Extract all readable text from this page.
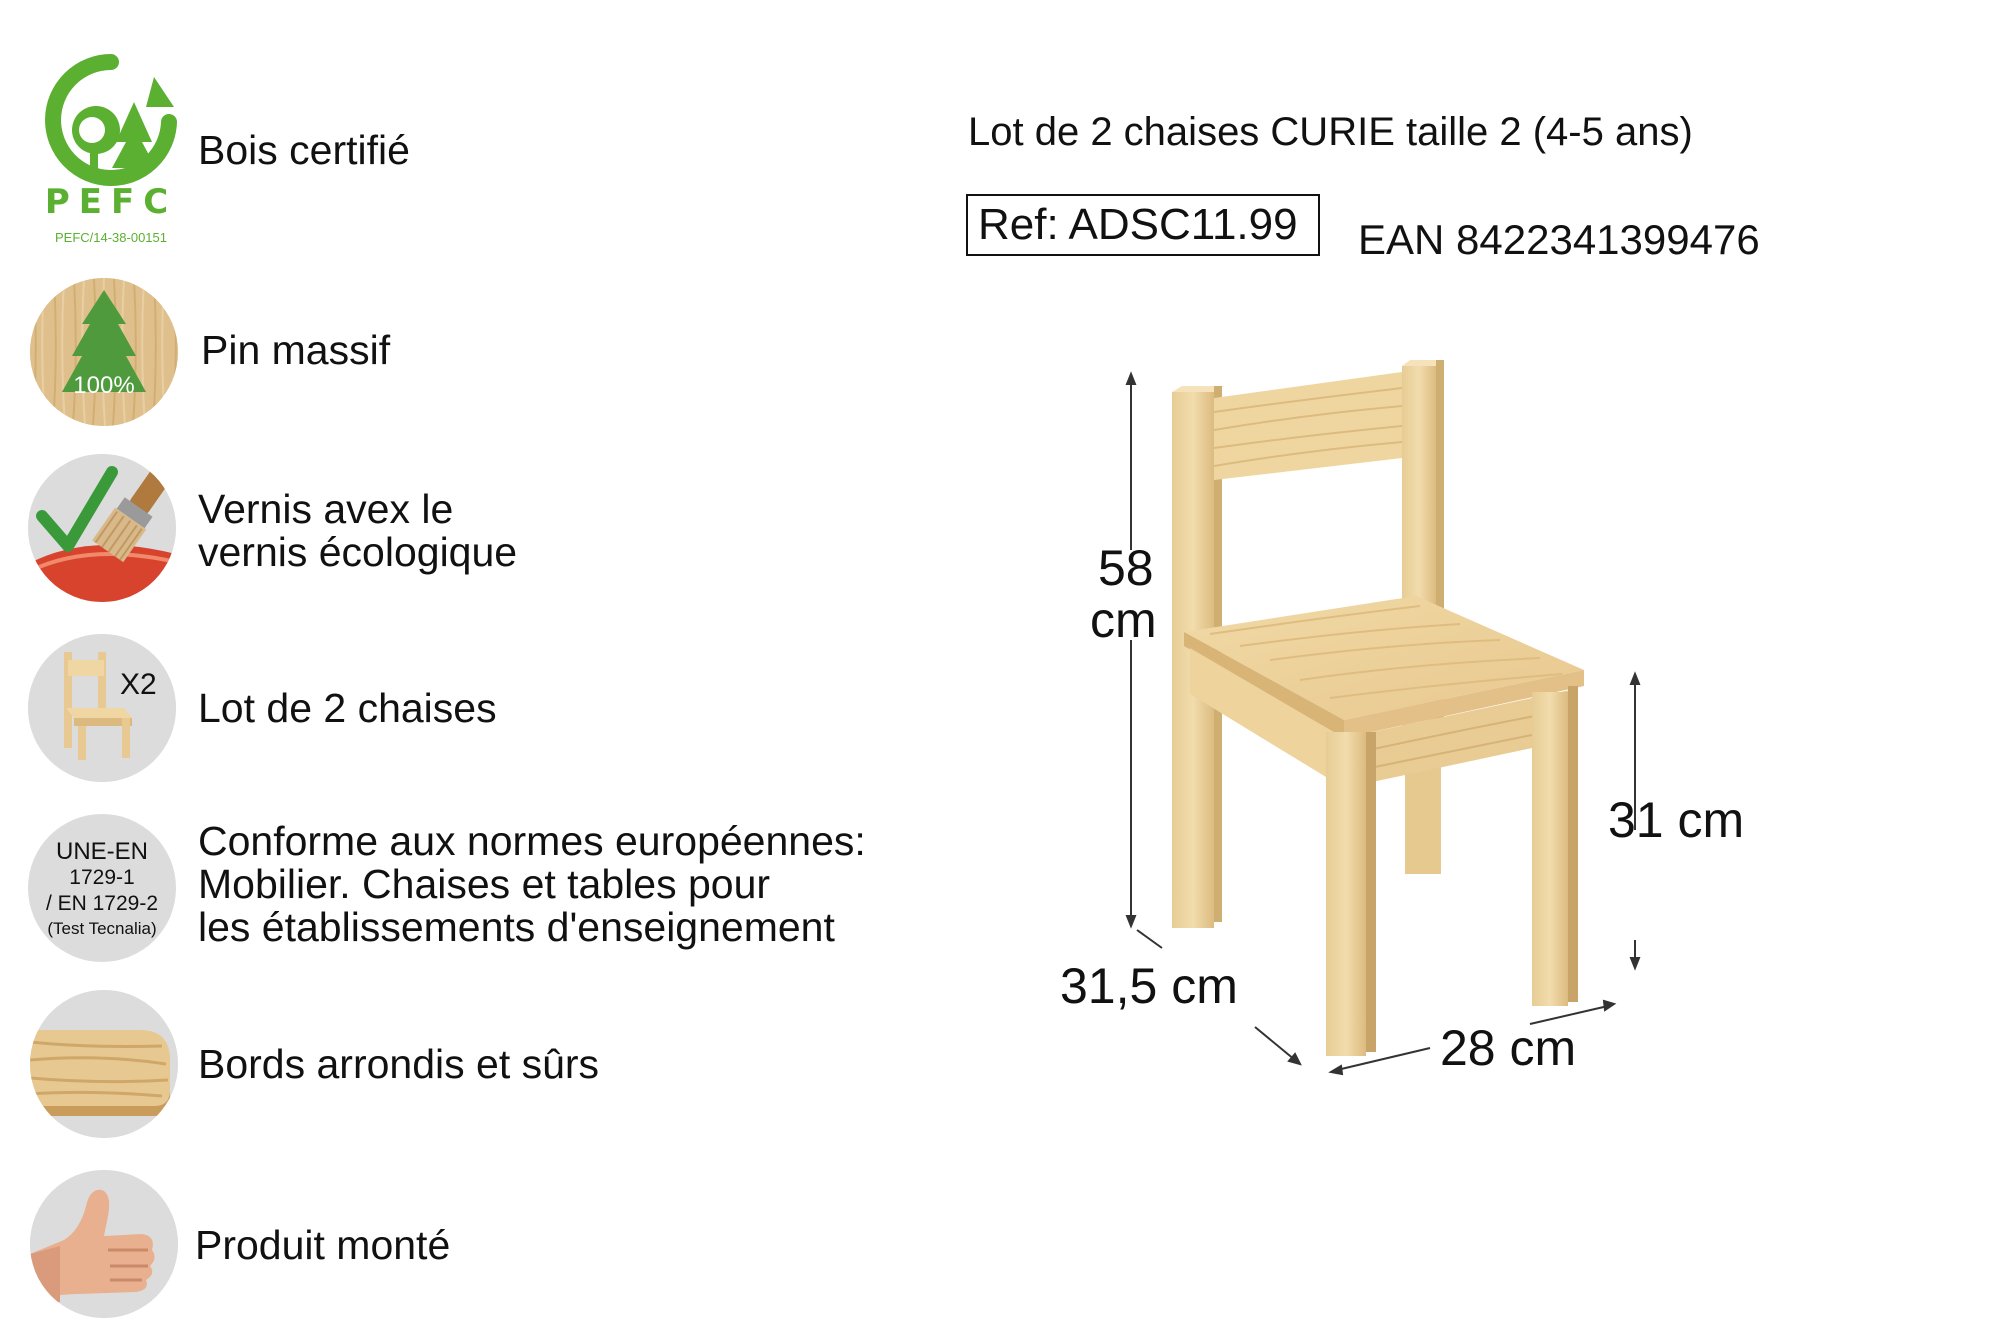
PEFC
PEFC/14-38-00151
Bois certifié
100%
Pin massif
Vernis avex le
vernis écologique
X2
Lot de 2 chaises
UNE-EN
1729-1
/ EN 1729-2
(Test Tecnalia)
Conforme aux normes européennes:
Mobilier. Chaises et tables pour
les établissements d'enseignement
Bords arrondis et sûrs
Produit monté
Lot de 2 chaises CURIE taille 2 (4-5 ans)
Ref: ADSC11.99	EAN 8422341399476
58
cm
31 cm
31,5 cm
28 cm
